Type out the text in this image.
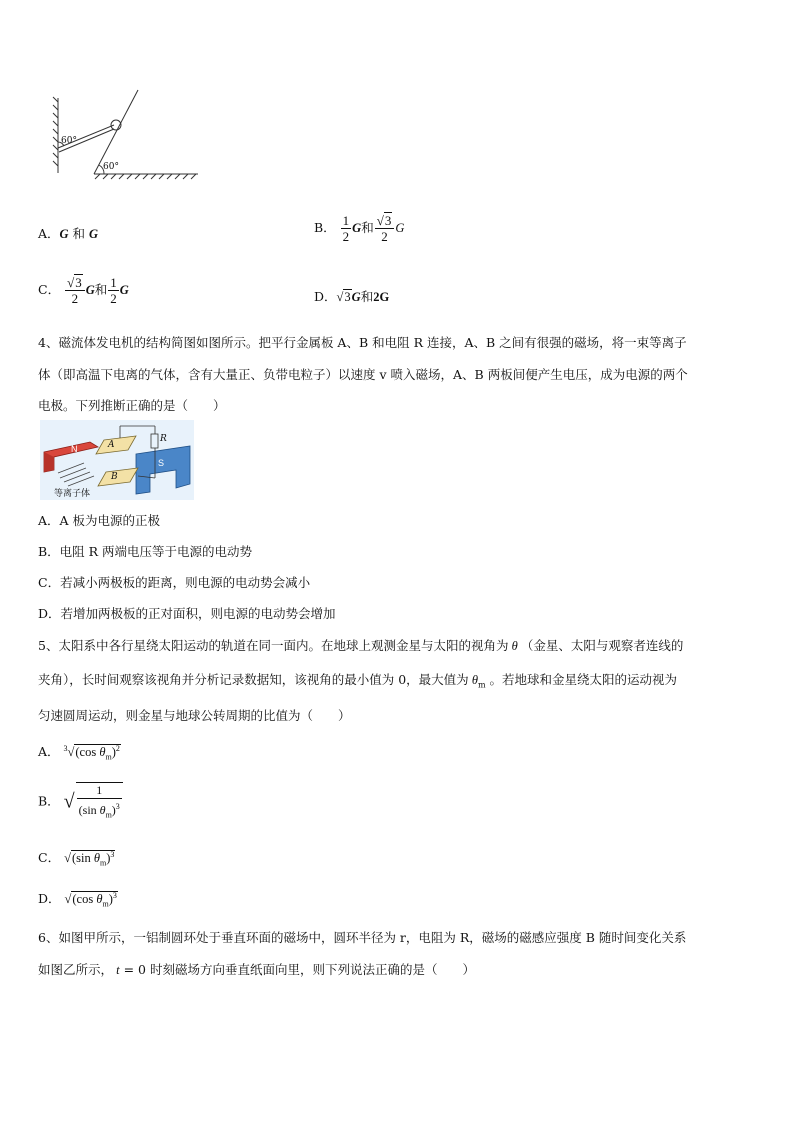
60°
60°
A．G 和 G	B． $\frac{1}{2}$ G和 $\frac{√3}{2}$ G
C． $\frac{√3}{2}$ G和 $\frac{1}{2}$ G	D．√3G和2G
4、磁流体发电机的结构简图如图所示。把平行金属板 A、B 和电阻 R 连接，A、B 之间有很强的磁场，将一束等离子
体（即高温下电离的气体，含有大量正、负带电粒子）以速度 v 喷入磁场，A、B 两板间便产生电压，成为电源的两个
电极。下列推断正确的是（　　）
N
S
A
B
R
等离子体
A．A 板为电源的正极
B．电阻 R 两端电压等于电源的电动势
C．若减小两极板的距离，则电源的电动势会减小
D．若增加两极板的正对面积，则电源的电动势会增加
5、太阳系中各行星绕太阳运动的轨道在同一面内。在地球上观测金星与太阳的视角为 θ （金星、太阳与观察者连线的
夹角），长时间观察该视角并分析记录数据知，该视角的最小值为 0，最大值为 $\theta_m$ 。若地球和金星绕太阳的运动视为
匀速圆周运动，则金星与地球公转周期的比值为（　　）
A． $^3$√(cos $\theta_m)^2$
B． √ $\frac{1}{(\sin \theta_m)^3}$
C． √(sin $\theta_m)^3$
D． √(cos $\theta_m)^3$
6、如图甲所示，一铝制圆环处于垂直环面的磁场中，圆环半径为 r，电阻为 R，磁场的磁感应强度 B 随时间变化关系
如图乙所示， t = 0 时刻磁场方向垂直纸面向里，则下列说法正确的是（　　）
